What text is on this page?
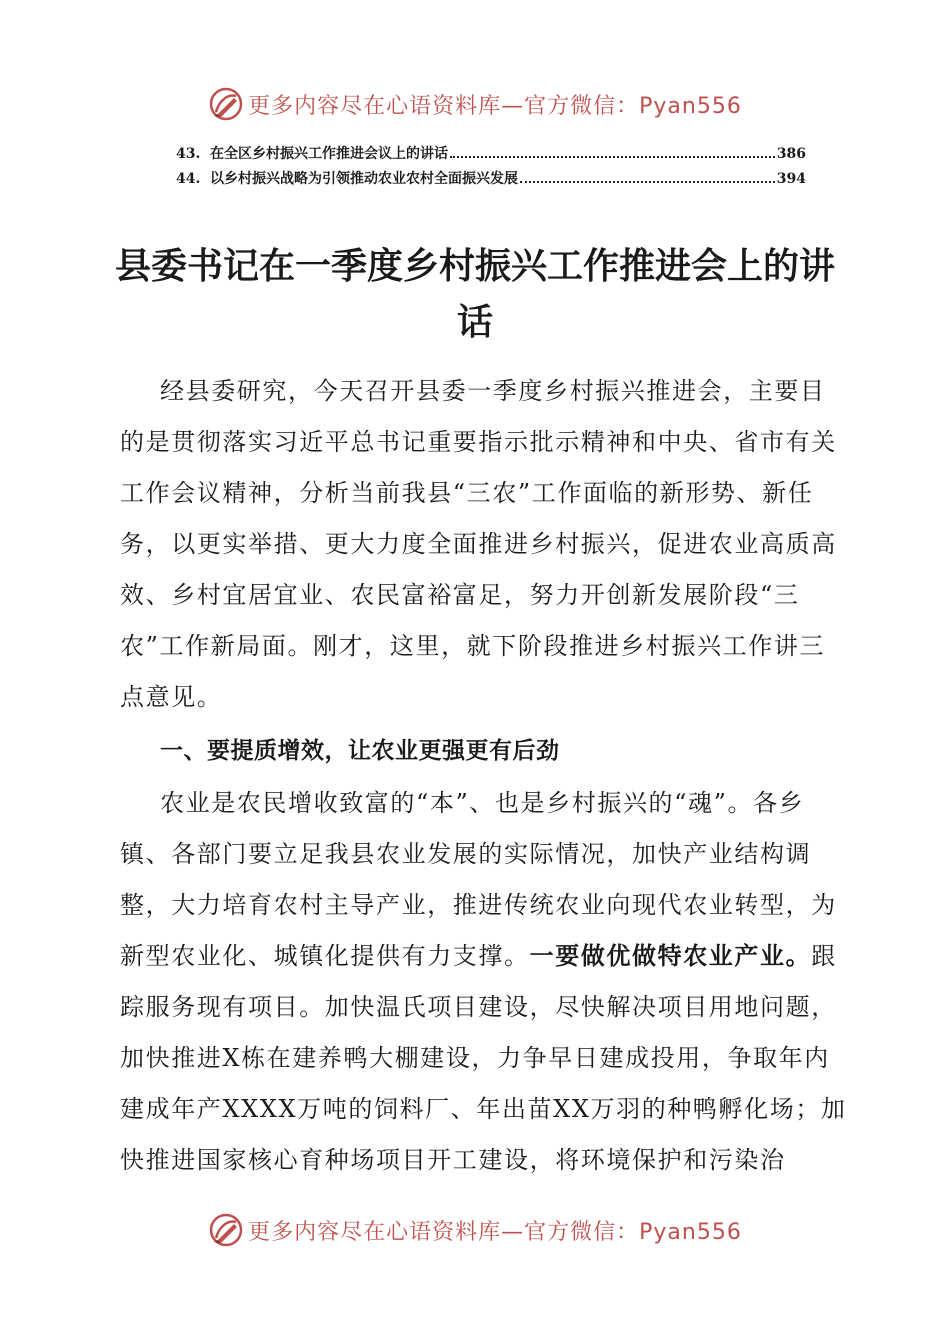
更多内容尽在心语资料库—官方微信：Pyan556
43. 在全区乡村振兴工作推进会议上的讲话	386
44. 以乡村振兴战略为引领推动农业农村全面振兴发展	394
县委书记在一季度乡村振兴工作推进会上的讲话

经县委研究，今天召开县委一季度乡村振兴推进会，主要目的是贯彻落实习近平总书记重要指示批示精神和中央、省市有关工作会议精神，分析当前我县“三农”工作面临的新形势、新任务，以更实举措、更大力度全面推进乡村振兴，促进农业高质高效、乡村宜居宜业、农民富裕富足，努力开创新发展阶段“三农”工作新局面。刚才，这里，就下阶段推进乡村振兴工作讲三点意见。

一、要提质增效，让农业更强更有后劲

农业是农民增收致富的“本”、也是乡村振兴的“魂”。各乡镇、各部门要立足我县农业发展的实际情况，加快产业结构调整，大力培育农村主导产业，推进传统农业向现代农业转型，为新型农业化、城镇化提供有力支撑。一要做优做特农业产业。跟踪服务现有项目。加快温氏项目建设，尽快解决项目用地问题，加快推进X栋在建养鸭大棚建设，力争早日建成投用，争取年内建成年产XXXX万吨的饲料厂、年出苗XX万羽的种鸭孵化场；加快推进国家核心育种场项目开工建设，将环境保护和污染治

更多内容尽在心语资料库—官方微信：Pyan556
